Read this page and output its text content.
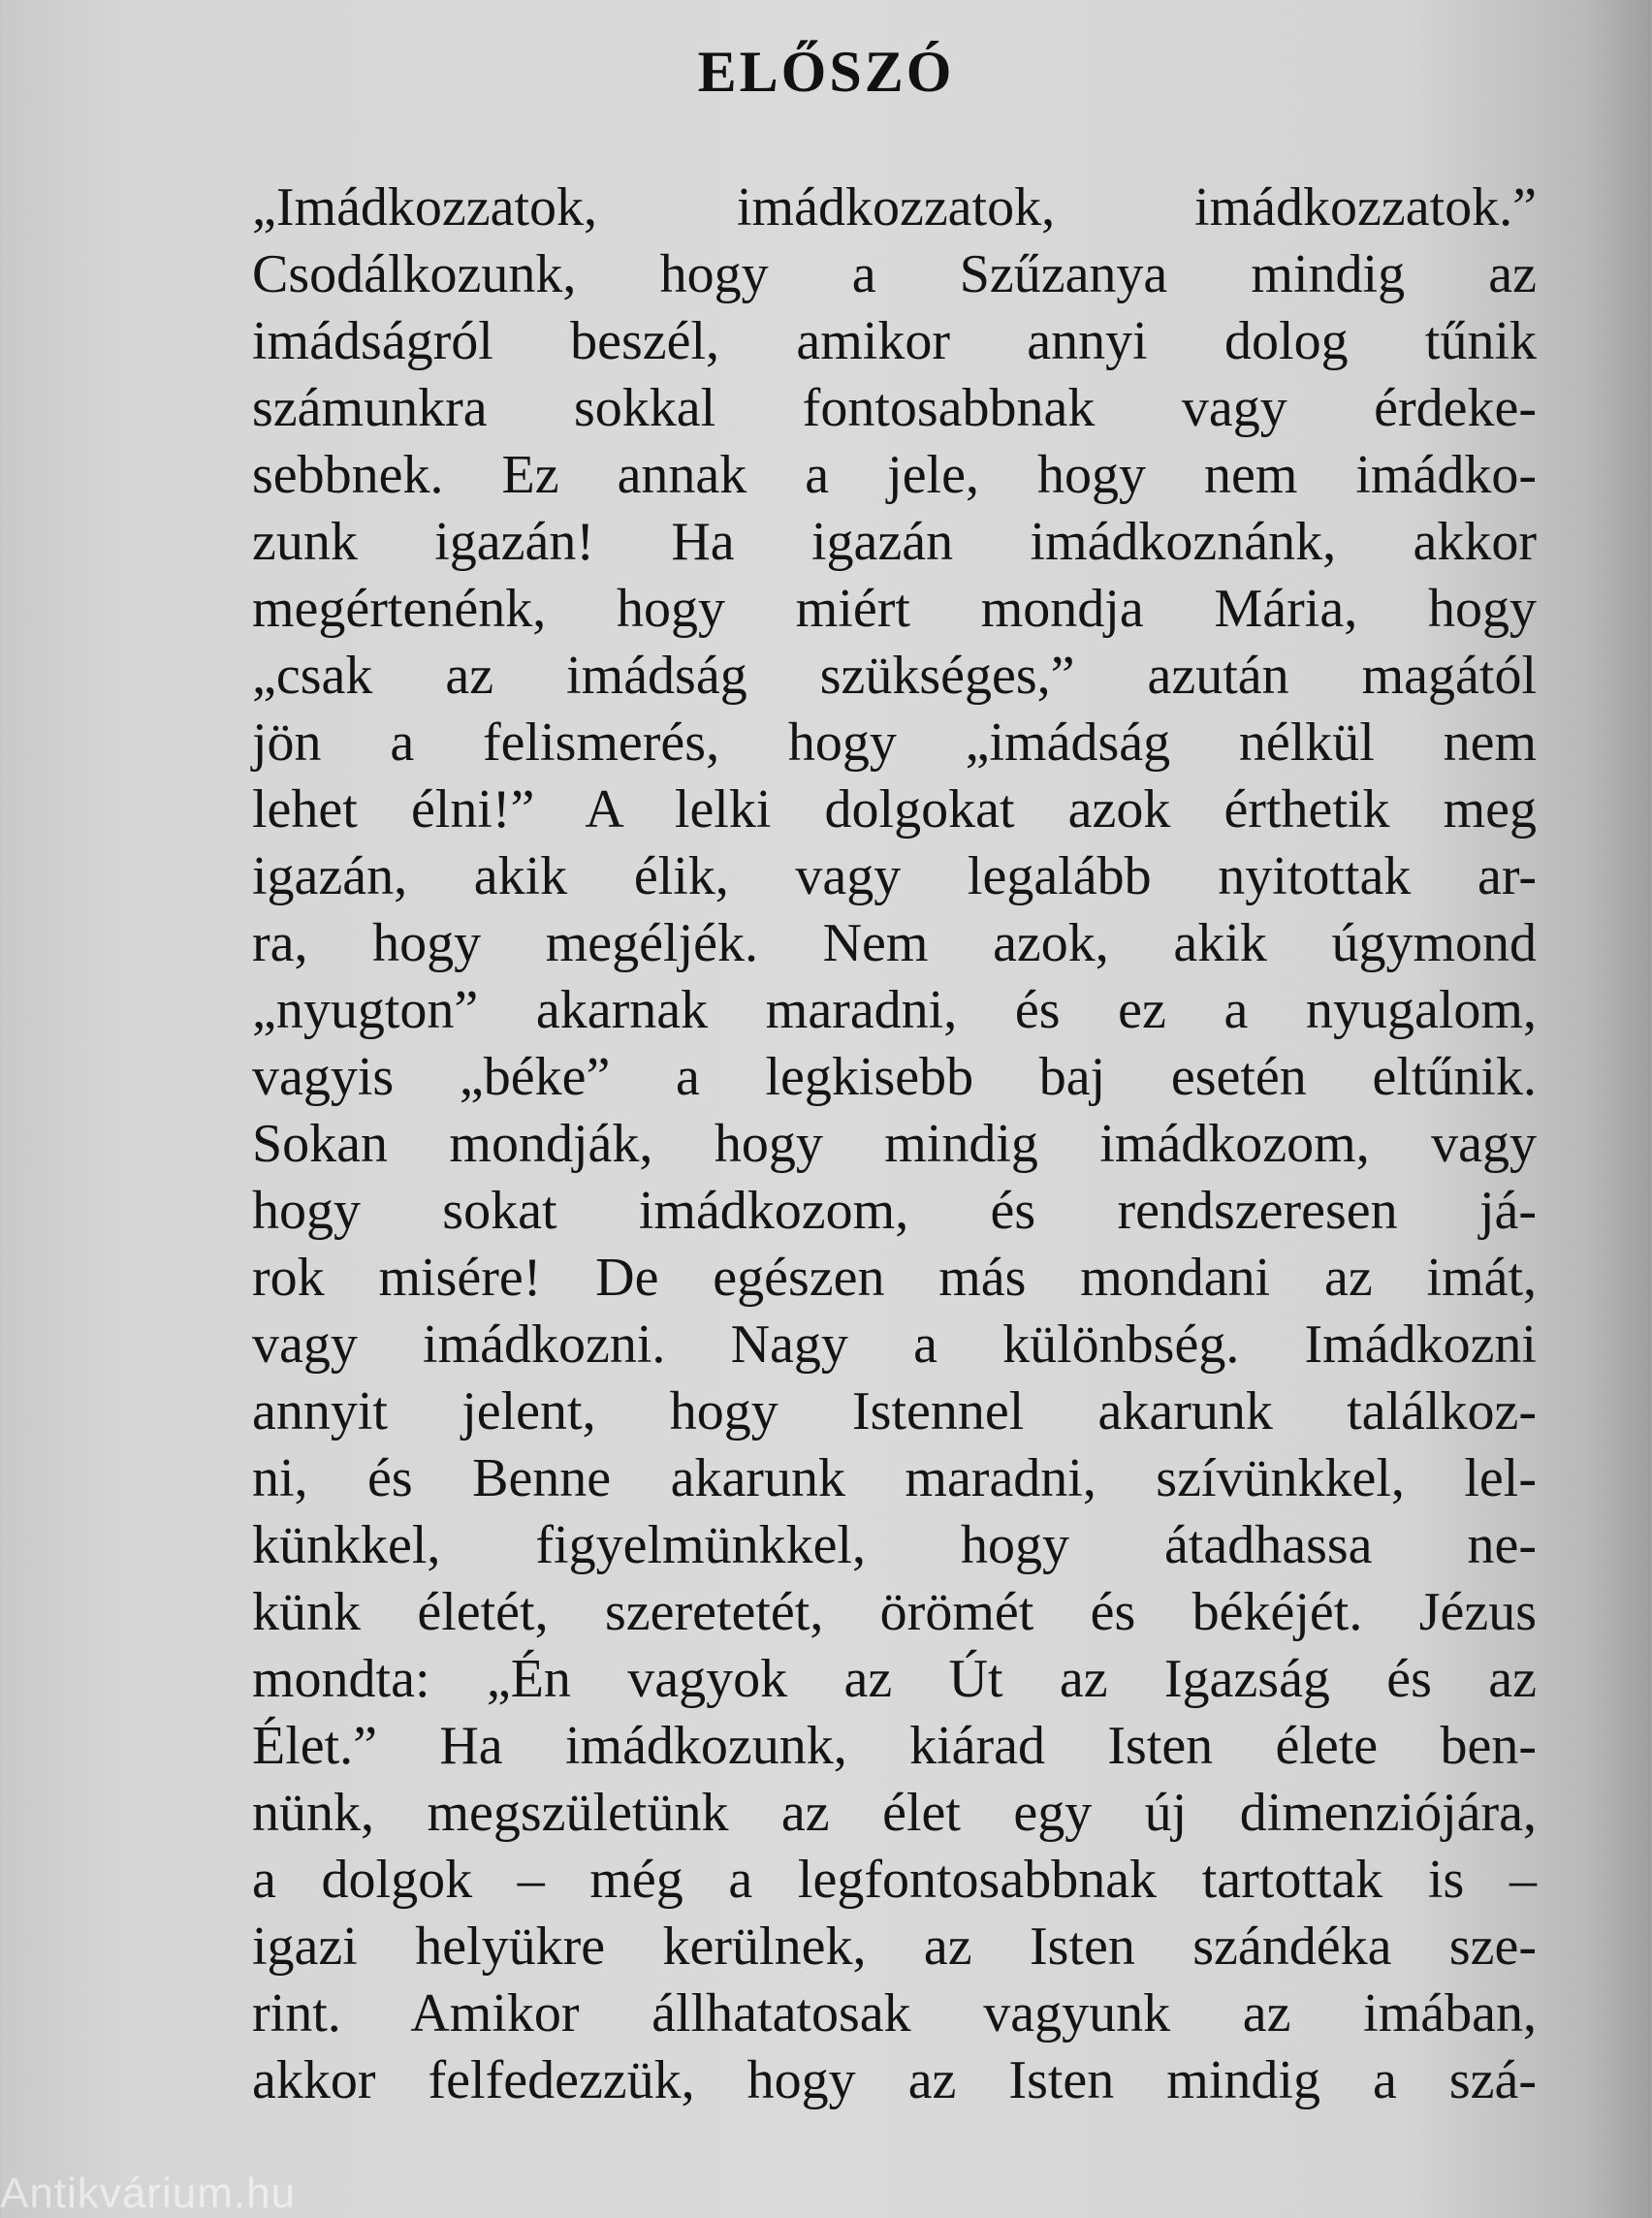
ELŐSZÓ
„Imádkozzatok, imádkozzatok, imádkozzatok.”
Csodálkozunk, hogy a Szűzanya mindig az
imádságról beszél, amikor annyi dolog tűnik
számunkra sokkal fontosabbnak vagy érdeke-
sebbnek. Ez annak a jele, hogy nem imádko-
zunk igazán! Ha igazán imádkoznánk, akkor
megértenénk, hogy miért mondja Mária, hogy
„csak az imádság szükséges,” azután magától
jön a felismerés, hogy „imádság nélkül nem
lehet élni!” A lelki dolgokat azok érthetik meg
igazán, akik élik, vagy legalább nyitottak ar-
ra, hogy megéljék. Nem azok, akik úgymond
„nyugton” akarnak maradni, és ez a nyugalom,
vagyis „béke” a legkisebb baj esetén eltűnik.
Sokan mondják, hogy mindig imádkozom, vagy
hogy sokat imádkozom, és rendszeresen já-
rok misére! De egészen más mondani az imát,
vagy imádkozni. Nagy a különbség. Imádkozni
annyit jelent, hogy Istennel akarunk találkoz-
ni, és Benne akarunk maradni, szívünkkel, lel-
künkkel, figyelmünkkel, hogy átadhassa ne-
künk életét, szeretetét, örömét és békéjét. Jézus
mondta: „Én vagyok az Út az Igazság és az
Élet.” Ha imádkozunk, kiárad Isten élete ben-
nünk, megszületünk az élet egy új dimenziójára,
a dolgok – még a legfontosabbnak tartottak is –
igazi helyükre kerülnek, az Isten szándéka sze-
rint. Amikor állhatatosak vagyunk az imában,
akkor felfedezzük, hogy az Isten mindig a szá-
Antikvárium.hu
